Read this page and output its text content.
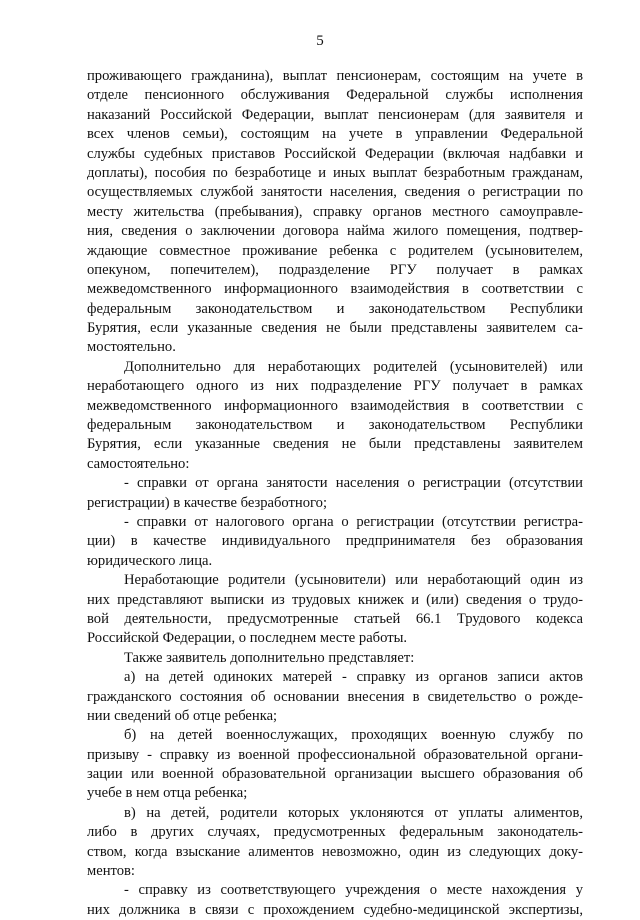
5
проживающего гражданина), выплат пенсионерам, состоящим на учете в
отделе пенсионного обслуживания Федеральной службы исполнения
наказаний Российской Федерации, выплат пенсионерам (для заявителя и
всех членов семьи), состоящим на учете в управлении Федеральной
службы судебных приставов Российской Федерации (включая надбавки и
доплаты), пособия по безработице и иных выплат безработным гражданам,
осуществляемых службой занятости населения, сведения о регистрации по
месту жительства (пребывания), справку органов местного самоуправле-
ния, сведения о заключении договора найма жилого помещения, подтвер-
ждающие совместное проживание ребенка с родителем (усыновителем,
опекуном, попечителем), подразделение РГУ получает в рамках
межведомственного информационного взаимодействия в соответствии с
федеральным законодательством и законодательством Республики
Бурятия, если указанные сведения не были представлены заявителем са-
мостоятельно.
Дополнительно для неработающих родителей (усыновителей) или
неработающего одного из них подразделение РГУ получает в рамках
межведомственного информационного взаимодействия в соответствии с
федеральным законодательством и законодательством Республики
Бурятия, если указанные сведения не были представлены заявителем
самостоятельно:
- справки от органа занятости населения о регистрации (отсутствии
регистрации) в качестве безработного;
- справки от налогового органа о регистрации (отсутствии регистра-
ции) в качестве индивидуального предпринимателя без образования
юридического лица.
Неработающие родители (усыновители) или неработающий один из
них представляют выписки из трудовых книжек и (или) сведения о трудо-
вой деятельности, предусмотренные статьей 66.1 Трудового кодекса
Российской Федерации, о последнем месте работы.
Также заявитель дополнительно представляет:
а) на детей одиноких матерей - справку из органов записи актов
гражданского состояния об основании внесения в свидетельство о рожде-
нии сведений об отце ребенка;
б) на детей военнослужащих, проходящих военную службу по
призыву - справку из военной профессиональной образовательной органи-
зации или военной образовательной организации высшего образования об
учебе в нем отца ребенка;
в) на детей, родители которых уклоняются от уплаты алиментов,
либо в других случаях, предусмотренных федеральным законодатель-
ством, когда взыскание алиментов невозможно, один из следующих доку-
ментов:
- справку из соответствующего учреждения о месте нахождения у
них должника в связи с прохождением судебно-медицинской экспертизы,
